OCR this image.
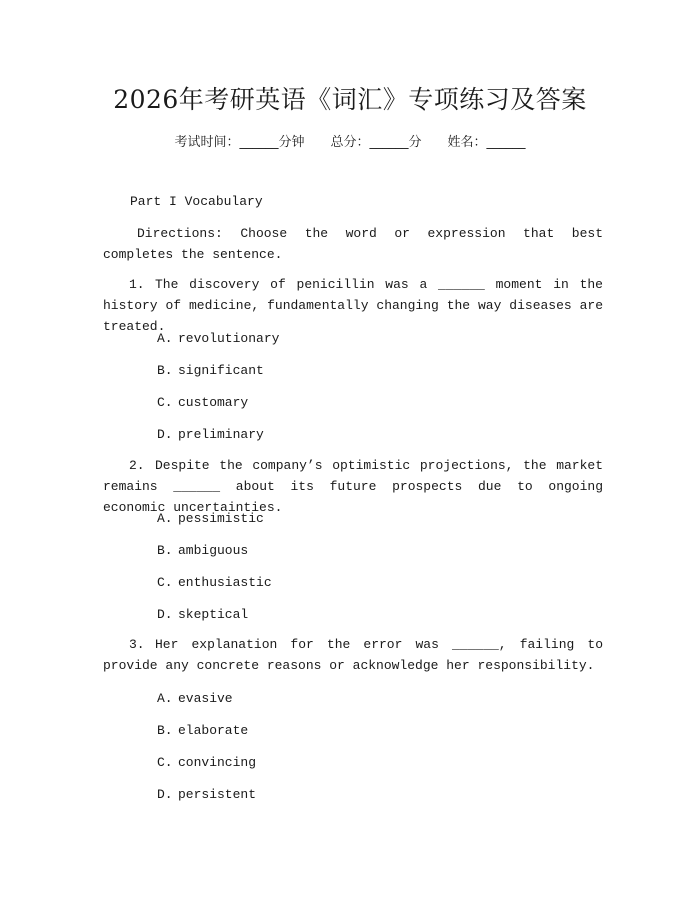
2026年考研英语《词汇》专项练习及答案
考试时间：______分钟 总分：______分 姓名：______
Part I Vocabulary

Directions: Choose the word or expression that best completes the sentence.

1. The discovery of penicillin was a ______ moment in the history of medicine, fundamentally changing the way diseases are treated.

A. revolutionary
B. significant
C. customary
D. preliminary

2. Despite the company’s optimistic projections, the market remains ______ about its future prospects due to ongoing economic uncertainties.

A. pessimistic
B. ambiguous
C. enthusiastic
D. skeptical

3. Her explanation for the error was ______, failing to provide any concrete reasons or acknowledge her responsibility.

A. evasive
B. elaborate
C. convincing
D. persistent
